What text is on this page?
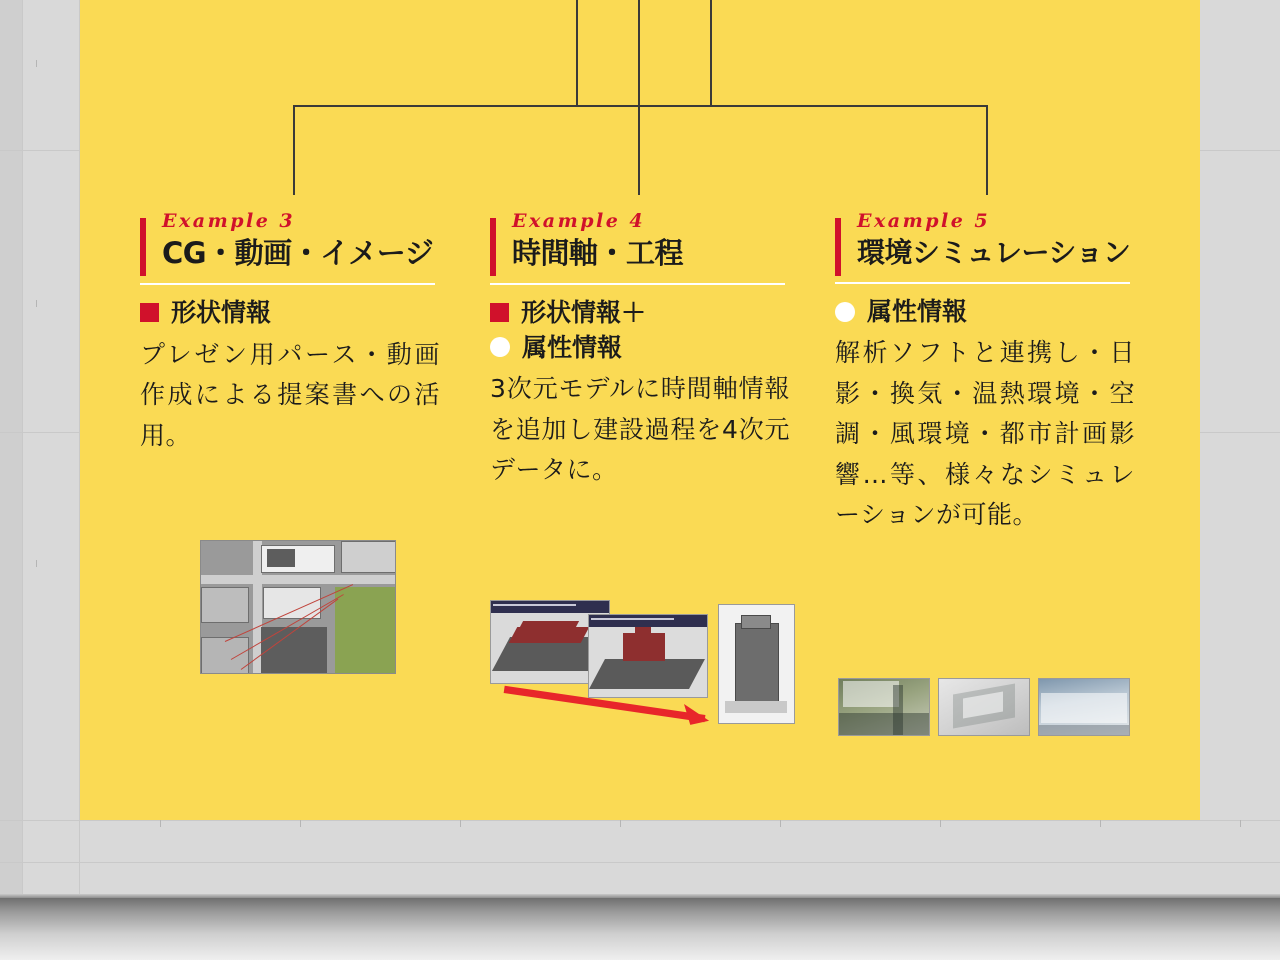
Example 3
CG・動画・イメージ
形状情報
プレゼン用パース・動画作成による提案書への活用。
Example 4
時間軸・工程
形状情報＋
属性情報
3次元モデルに時間軸情報を追加し建設過程を4次元データに。
Example 5
環境シミュレーション
属性情報
解析ソフトと連携し・日影・換気・温熱環境・空調・風環境・都市計画影響…等、様々なシミュレーションが可能。
